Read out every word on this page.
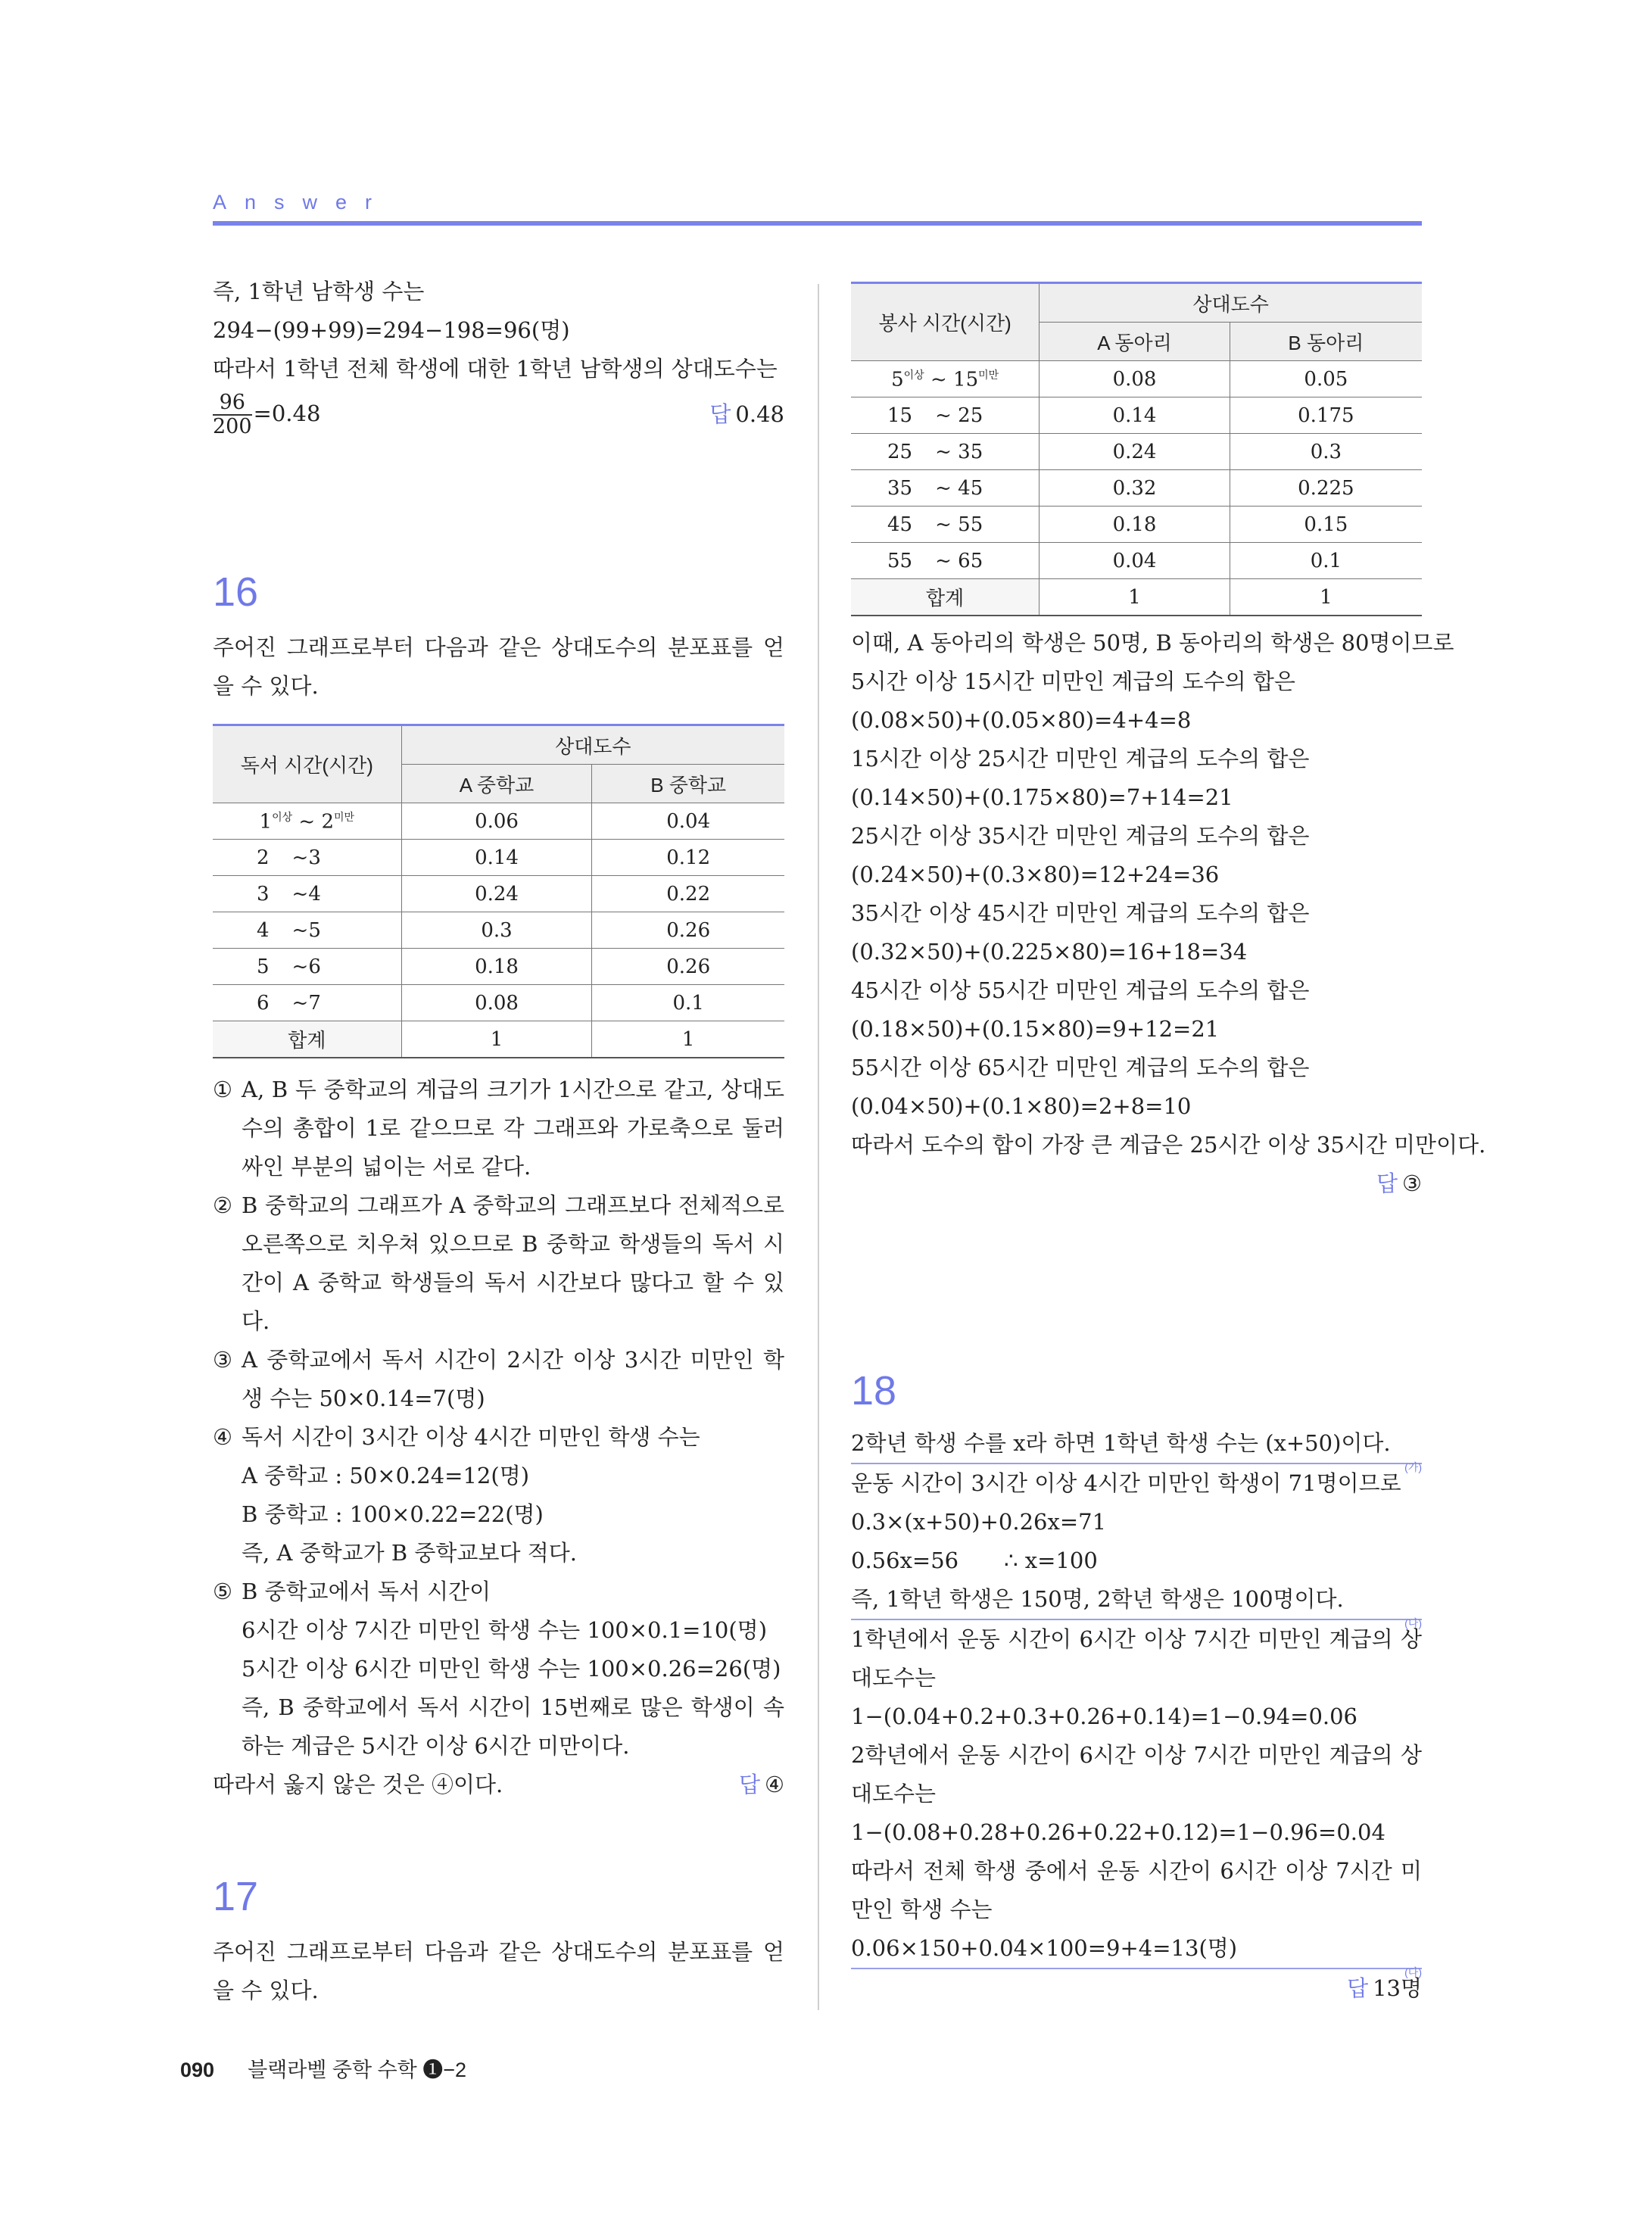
Answer
즉, 1학년 남학생 수는
294−(99+99)=294−198=96(명)
따라서 1학년 전체 학생에 대한 1학년 남학생의 상대도수는
$\frac{96}{200} =0.48$	답 0.48
16
주어진 그래프로부터 다음과 같은 상대도수의 분포표를 얻을 수 있다.
독서 시간(시간)	상대도수	
	A 중학교	B 중학교
$1^{이상}$ ~ $2^{미만}$	0.06	0.04
2 ~3	0.14	0.12
3 ~4	0.24	0.22
4 ~5	0.3	0.26
5 ~6	0.18	0.26
6 ~7	0.08	0.1
합계	1	1
① A, B 두 중학교의 계급의 크기가 1시간으로 같고, 상대도수의 총합이 1로 같으므로 각 그래프와 가로축으로 둘러싸인 부분의 넓이는 서로 같다.
② B 중학교의 그래프가 A 중학교의 그래프보다 전체적으로 오른쪽으로 치우쳐 있으므로 B 중학교 학생들의 독서 시간이 A 중학교 학생들의 독서 시간보다 많다고 할 수 있다.
③ A 중학교에서 독서 시간이 2시간 이상 3시간 미만인 학생 수는 50×0.14=7(명)
④ 독서 시간이 3시간 이상 4시간 미만인 학생 수는
A 중학교 : 50×0.24=12(명)
B 중학교 : 100×0.22=22(명)
즉, A 중학교가 B 중학교보다 적다.
⑤ B 중학교에서 독서 시간이
6시간 이상 7시간 미만인 학생 수는 100×0.1=10(명)
5시간 이상 6시간 미만인 학생 수는 100×0.26=26(명)
즉, B 중학교에서 독서 시간이 15번째로 많은 학생이 속하는 계급은 5시간 이상 6시간 미만이다.
따라서 옳지 않은 것은 ④이다.	답 ④
17
주어진 그래프로부터 다음과 같은 상대도수의 분포표를 얻을 수 있다.
봉사 시간(시간)	상대도수	
	A 동아리	B 동아리
$5^{이상}$ ~ $15^{미만}$	0.08	0.05
15 ~ 25	0.14	0.175
25 ~ 35	0.24	0.3
35 ~ 45	0.32	0.225
45 ~ 55	0.18	0.15
55 ~ 65	0.04	0.1
합계	1	1
이때, A 동아리의 학생은 50명, B 동아리의 학생은 80명이므로
5시간 이상 15시간 미만인 계급의 도수의 합은
(0.08×50)+(0.05×80)=4+4=8
15시간 이상 25시간 미만인 계급의 도수의 합은
(0.14×50)+(0.175×80)=7+14=21
25시간 이상 35시간 미만인 계급의 도수의 합은
(0.24×50)+(0.3×80)=12+24=36
35시간 이상 45시간 미만인 계급의 도수의 합은
(0.32×50)+(0.225×80)=16+18=34
45시간 이상 55시간 미만인 계급의 도수의 합은
(0.18×50)+(0.15×80)=9+12=21
55시간 이상 65시간 미만인 계급의 도수의 합은
(0.04×50)+(0.1×80)=2+8=10
따라서 도수의 합이 가장 큰 계급은 25시간 이상 35시간 미만이다.
답 ③
18
2학년 학생 수를 x라 하면 1학년 학생 수는 (x+50)이다.
(가)
운동 시간이 3시간 이상 4시간 미만인 학생이 71명이므로
0.3×(x+50)+0.26x=71
0.56x=56 ∴ x=100
즉, 1학년 학생은 150명, 2학년 학생은 100명이다.
(나)
1학년에서 운동 시간이 6시간 이상 7시간 미만인 계급의 상대도수는
1−(0.04+0.2+0.3+0.26+0.14)=1−0.94=0.06
2학년에서 운동 시간이 6시간 이상 7시간 미만인 계급의 상대도수는
1−(0.08+0.28+0.26+0.22+0.12)=1−0.96=0.04
따라서 전체 학생 중에서 운동 시간이 6시간 이상 7시간 미만인 학생 수는
0.06×150+0.04×100=9+4=13(명)
(다)
답 13명
090 블랙라벨 중학 수학 ❶−2
